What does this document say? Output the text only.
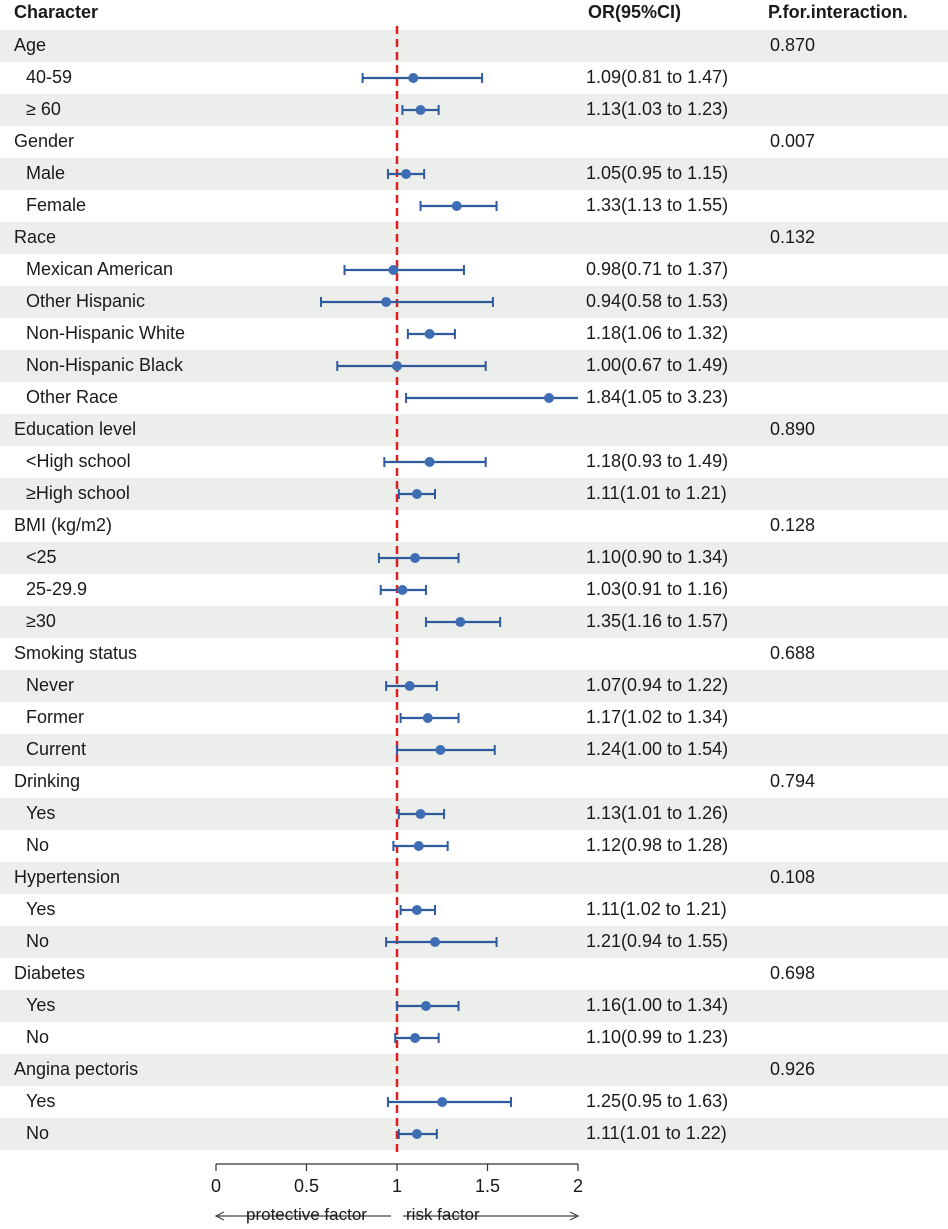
Character	OR(95%CI)	P.for.interaction.
Age	0.870
40-59	1.09(0.81 to 1.47)
≥ 60	1.13(1.03 to 1.23)
Gender	0.007
Male	1.05(0.95 to 1.15)
Female	1.33(1.13 to 1.55)
Race	0.132
Mexican American	0.98(0.71 to 1.37)
Other Hispanic	0.94(0.58 to 1.53)
Non-Hispanic White	1.18(1.06 to 1.32)
Non-Hispanic Black	1.00(0.67 to 1.49)
Other Race	1.84(1.05 to 3.23)
Education level	0.890
<High school	1.18(0.93 to 1.49)
≥High school	1.11(1.01 to 1.21)
BMI (kg/m2)	0.128
<25	1.10(0.90 to 1.34)
25-29.9	1.03(0.91 to 1.16)
≥30	1.35(1.16 to 1.57)
Smoking status	0.688
Never	1.07(0.94 to 1.22)
Former	1.17(1.02 to 1.34)
Current	1.24(1.00 to 1.54)
Drinking	0.794
Yes	1.13(1.01 to 1.26)
No	1.12(0.98 to 1.28)
Hypertension	0.108
Yes	1.11(1.02 to 1.21)
No	1.21(0.94 to 1.55)
Diabetes	0.698
Yes	1.16(1.00 to 1.34)
No	1.10(0.99 to 1.23)
Angina pectoris	0.926
Yes	1.25(0.95 to 1.63)
No	1.11(1.01 to 1.22)
0	0.5	1	1.5	2
protective factor risk factor
